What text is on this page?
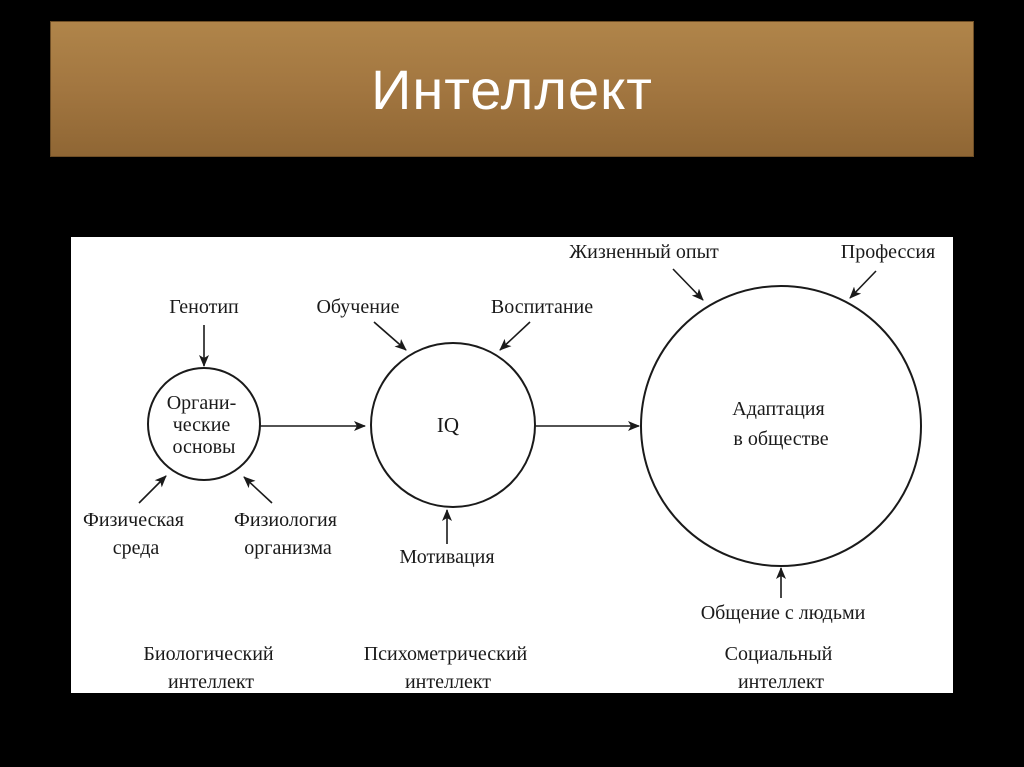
Интеллект
Органи- ческие основы
IQ
Адаптация в обществе
Генотип
Физическая среда
Физиология организма
Обучение	Воспитание
Мотивация
Жизненный опыт	Профессия
Общение с людьми
Биологический интеллект
Психометрический интеллект
Социальный интеллект
